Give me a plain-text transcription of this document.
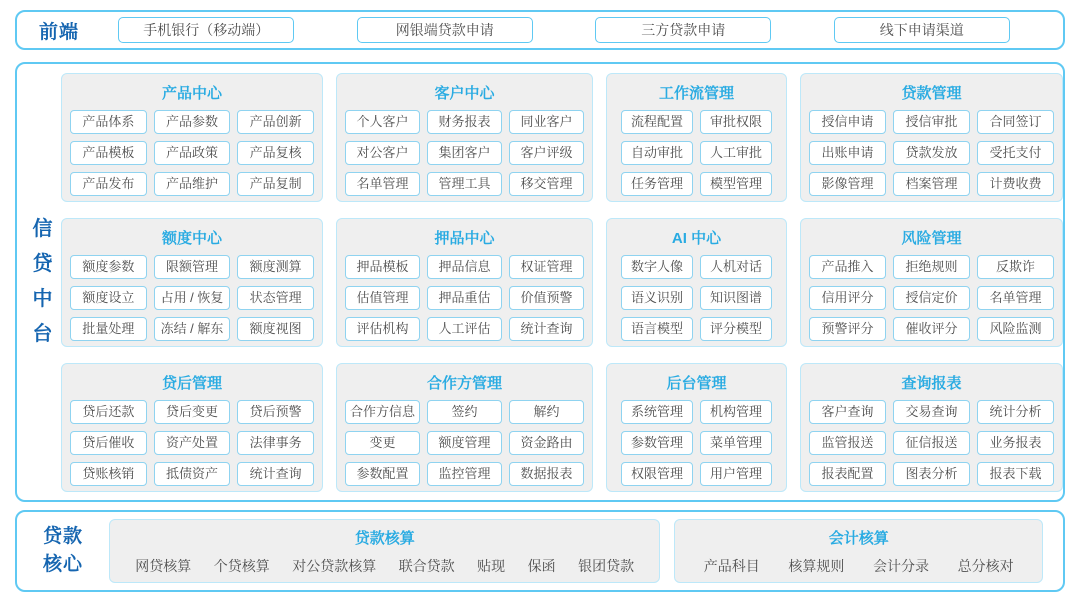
前端	手机银行（移动端）	网银端贷款申请	三方贷款申请	线下申请渠道
信贷中台
产品中心
产品体系	产品参数	产品创新
产品模板	产品政策	产品复核
产品发布	产品维护	产品复制
客户中心
个人客户	财务报表	同业客户
对公客户	集团客户	客户评级
名单管理	管理工具	移交管理
工作流管理
流程配置	审批权限
自动审批	人工审批
任务管理	模型管理
贷款管理
授信申请	授信审批	合同签订
出账申请	贷款发放	受托支付
影像管理	档案管理	计费收费
额度中心
额度参数	限额管理	额度测算
额度设立	占用 / 恢复	状态管理
批量处理	冻结 / 解东	额度视图
押品中心
押品模板	押品信息	权证管理
估值管理	押品重估	价值预警
评估机构	人工评估	统计查询
AI 中心
数字人像	人机对话
语义识别	知识图谱
语言模型	评分模型
风险管理
产品推入	拒绝规则	反欺诈
信用评分	授信定价	名单管理
预警评分	催收评分	风险监测
贷后管理
贷后还款	贷后变更	贷后预警
贷后催收	资产处置	法律事务
贷账核销	抵债资产	统计查询
合作方管理
合作方信息	签约	解约
变更	额度管理	资金路由
参数配置	监控管理	数据报表
后台管理
系统管理	机构管理
参数管理	菜单管理
权限管理	用户管理
查询报表
客户查询	交易查询	统计分析
监管报送	征信报送	业务报表
报表配置	图表分析	报表下载
贷款核心
贷款核算
网贷核算 个贷核算 对公贷款核算 联合贷款 贴现 保函 银团贷款
会计核算
产品科目 核算规则 会计分录 总分核对
